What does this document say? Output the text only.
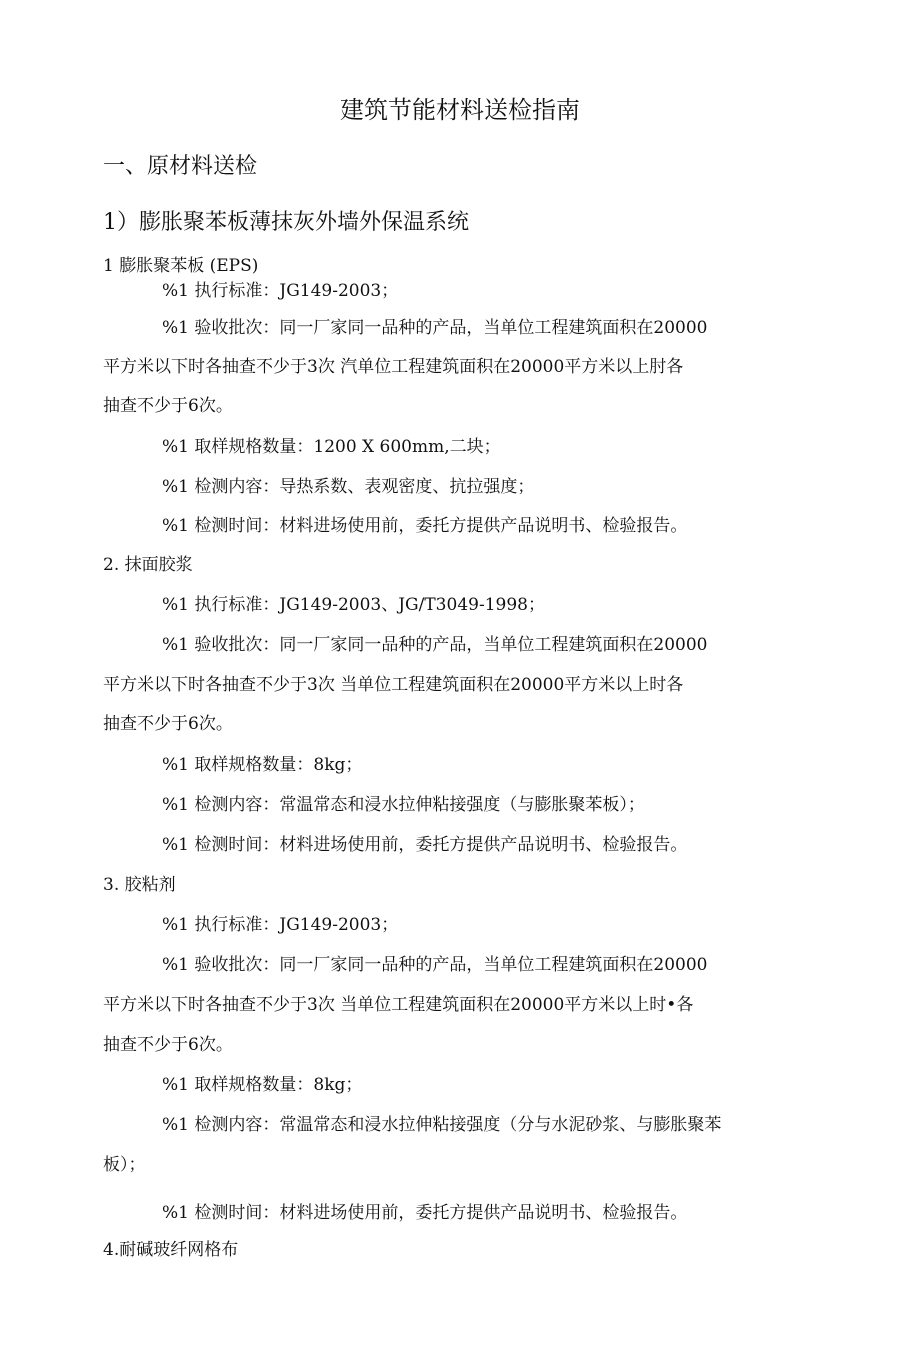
建筑节能材料送检指南
一、原材料送检
1）膨胀聚苯板薄抹灰外墙外保温系统
1 膨胀聚苯板 (EPS)
%1 执行标准：JG149-2003；
%1 验收批次：同一厂家同一品种的产品，当单位工程建筑面积在20000
平方米以下时各抽查不少于3次 汽单位工程建筑面积在20000平方米以上肘各
抽查不少于6次。
%1 取样规格数量：1200 X 600mm,二块；
%1 检测内容：导热系数、表观密度、抗拉强度；
%1 检测时间：材料进场使用前，委托方提供产品说明书、检验报告。
2. 抹面胶浆
%1 执行标准：JG149-2003、JG/T3049-1998；
%1 验收批次：同一厂家同一品种的产品，当单位工程建筑面积在20000
平方米以下时各抽查不少于3次 当单位工程建筑面积在20000平方米以上时各
抽查不少于6次。
%1 取样规格数量：8kg；
%1 检测内容：常温常态和浸水拉伸粘接强度（与膨胀聚苯板）；
%1 检测时间：材料进场使用前，委托方提供产品说明书、检验报告。
3. 胶粘剂
%1 执行标准：JG149-2003；
%1 验收批次：同一厂家同一品种的产品，当单位工程建筑面积在20000
平方米以下时各抽查不少于3次 当单位工程建筑面积在20000平方米以上时•各
抽查不少于6次。
%1 取样规格数量：8kg；
%1 检测内容：常温常态和浸水拉伸粘接强度（分与水泥砂浆、与膨胀聚苯
板）；
%1 检测时间：材料进场使用前，委托方提供产品说明书、检验报告。
4.耐碱玻纤网格布
